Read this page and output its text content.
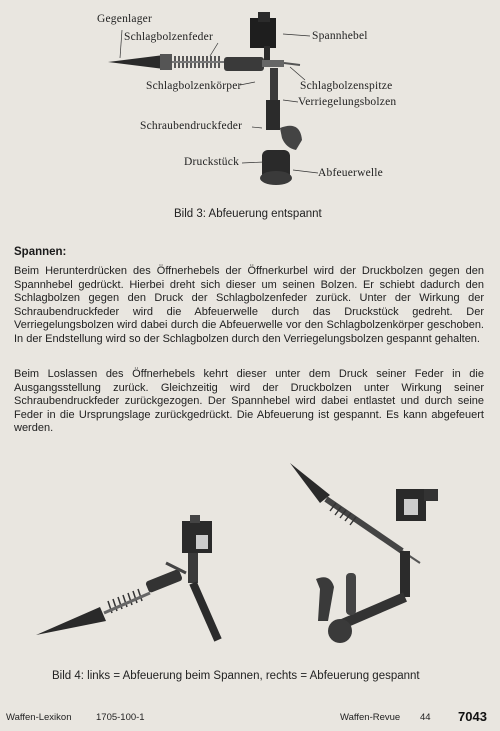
Gegenlager
Schlagbolzenfeder	Spannhebel
Schlagbolzenspitze
Schlagbolzenkörper
Verriegelungsbolzen
Schraubendruckfeder
Druckstück
Abfeuerwelle
Bild 3: Abfeuerung entspannt
Spannen:
Beim Herunterdrücken des Öffnerhebels der Öffnerkurbel wird der Druckbolzen gegen den Spannhebel gedrückt. Hierbei dreht sich dieser um seinen Bolzen. Er schiebt dadurch den Schlagbolzen gegen den Druck der Schlagbolzenfeder zurück. Unter der Wirkung der Schraubendruckfeder wird die Abfeuerwelle durch das Druckstück gedreht. Der Verriegelungsbolzen wird dabei durch die Abfeuerwelle vor den Schlagbolzenkörper geschoben. In der Endstellung wird so der Schlagbolzen durch den Verriegelungsbolzen gespannt gehalten.
Beim Loslassen des Öffnerhebels kehrt dieser unter dem Druck seiner Feder in die Ausgangsstellung zurück. Gleichzeitig wird der Druckbolzen unter Wirkung seiner Schraubendruckfeder zurückgezogen. Der Spannhebel wird dabei entlastet und durch seine Feder in die Ursprungslage zurückgedrückt. Die Abfeuerung ist gespannt. Es kann abgefeuert werden.
Bild 4: links = Abfeuerung beim Spannen, rechts = Abfeuerung gespannt
Waffen-Lexikon	1705-100-1	Waffen-Revue 44 7043
